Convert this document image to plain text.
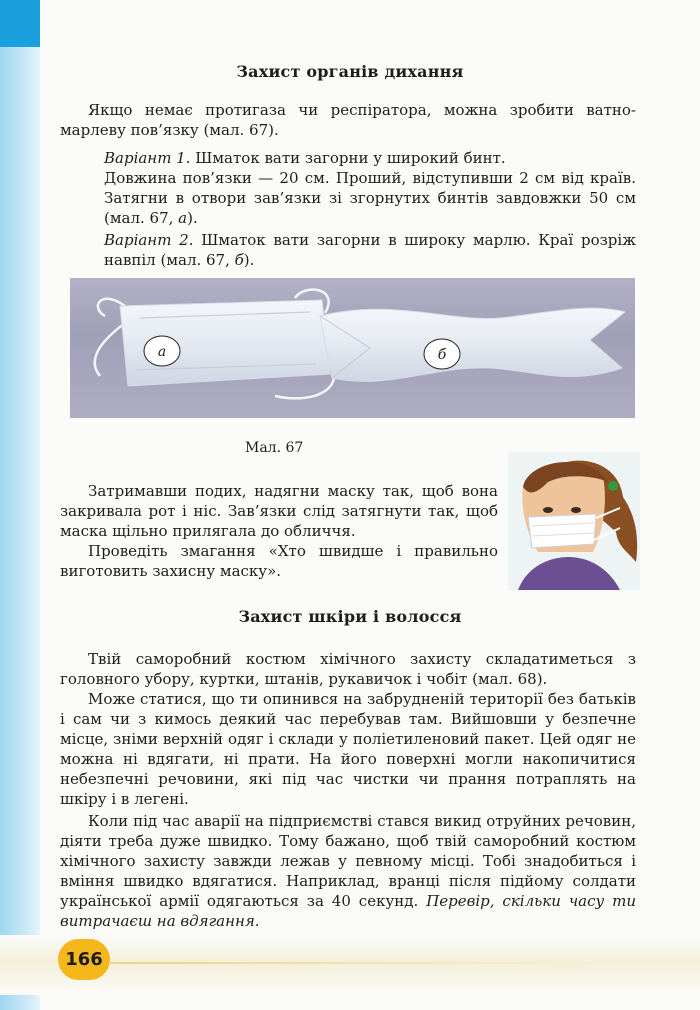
Захист органів дихання

Якщо немає протигаза чи респіратора, можна зробити ватно-марлеву пов’язку (мал. 67).

Варіант 1. Шматок вати загорни у широкий бинт.

Довжина пов’язки — 20 см. Проший, відступивши 2 см від країв. Затягни в отвори зав’язки зі згорнутих бинтів завдовжки 50 см (мал. 67, а).

Варіант 2. Шматок вати загорни в широку марлю. Краї розріж навпіл (мал. 67, б).

а	б

Мал. 67

Затримавши подих, надягни маску так, щоб вона закривала рот і ніс. Зав’язки слід затягнути так, щоб маска щільно прилягала до обличчя.

Проведіть змагання «Хто швидше і правильно виготовить захисну маску».

Захист шкіри і волосся

Твій саморобний костюм хімічного захисту складатиметься з головного убору, куртки, штанів, рукавичок і чобіт (мал. 68).

Може статися, що ти опинився на забрудненій території без батьків і сам чи з кимось деякий час перебував там. Вийшовши у безпечне місце, зніми верхній одяг і склади у поліетиленовий пакет. Цей одяг не можна ні вдягати, ні прати. На його поверхні могли накопичитися небезпечні речовини, які під час чистки чи прання потраплять на шкіру і в легені.

Коли під час аварії на підприємстві стався викид отруйних речовин, діяти треба дуже швидко. Тому бажано, щоб твій саморобний костюм хімічного захисту завжди лежав у певному місці. Тобі знадобиться і вміння швидко вдягатися. Наприклад, вранці після підйому солдати української армії одягаються за 40 секунд. Перевір, скільки часу ти витрачаєш на вдягання.

166
